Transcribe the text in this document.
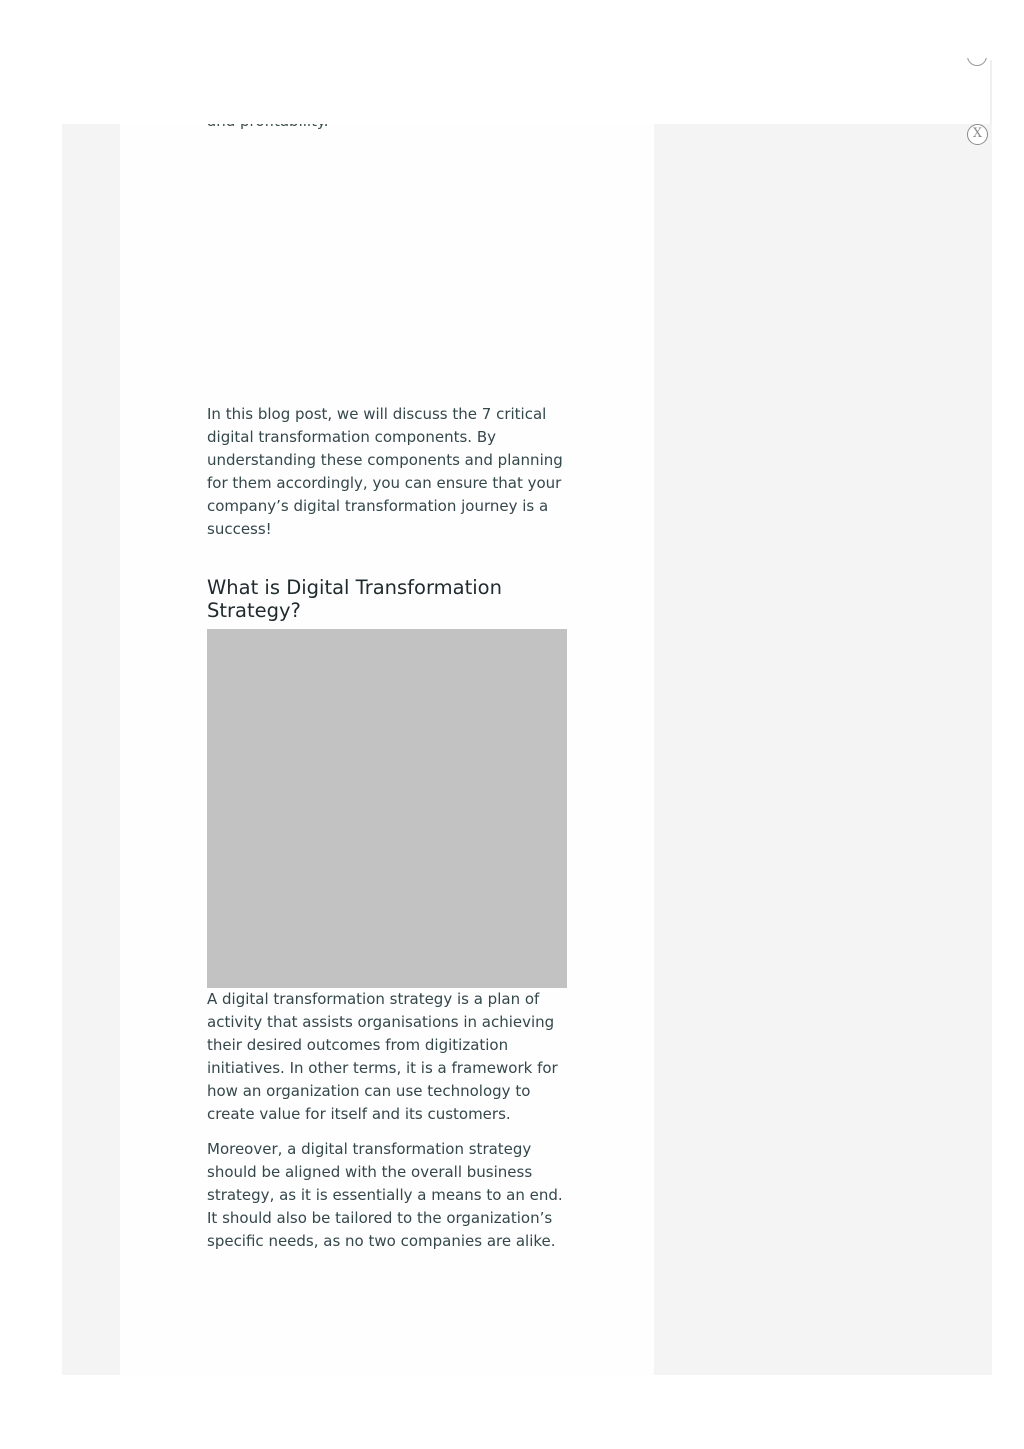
X

In this blog post, we will discuss the 7 critical digital transformation components. By understanding these components and planning for them accordingly, you can ensure that your company’s digital transformation journey is a success!

What is Digital Transformation Strategy?

A digital transformation strategy is a plan of activity that assists organisations in achieving their desired outcomes from digitization initiatives. In other terms, it is a framework for how an organization can use technology to create value for itself and its customers.

Moreover, a digital transformation strategy should be aligned with the overall business strategy, as it is essentially a means to an end. It should also be tailored to the organization’s specific needs, as no two companies are alike.
